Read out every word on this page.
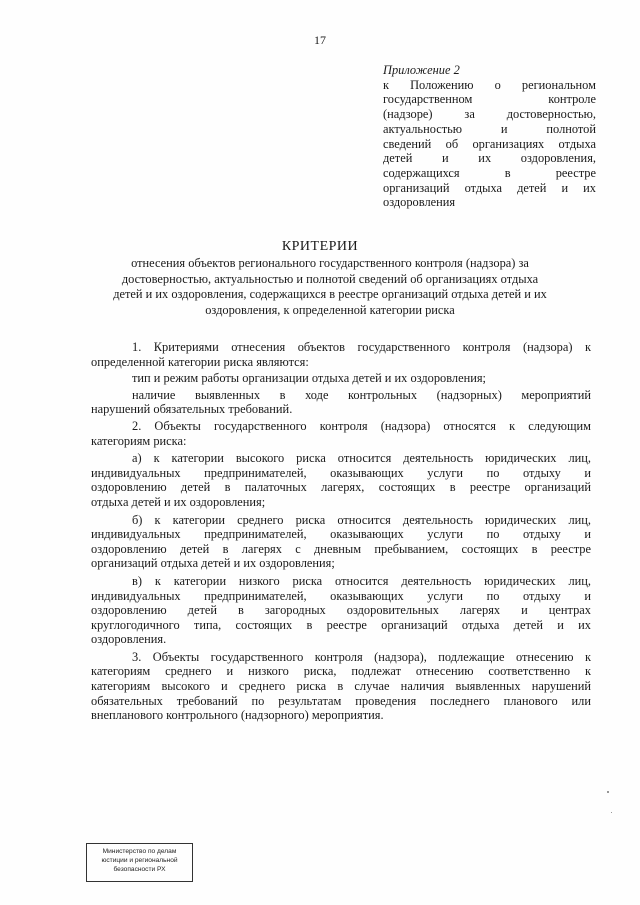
17
Приложение 2
к Положению о региональном
государственном контроле
(надзоре) за достоверностью,
актуальностью и полнотой
сведений об организациях отдыха
детей и их оздоровления,
содержащихся в реестре
организаций отдыха детей и их
оздоровления
КРИТЕРИИ
отнесения объектов регионального государственного контроля (надзора) за
достоверностью, актуальностью и полнотой сведений об организациях отдыха
детей и их оздоровления, содержащихся в реестре организаций отдыха детей и их
оздоровления, к определенной категории риска
1. Критериями отнесения объектов государственного контроля (надзора) к
определенной категории риска являются:
тип и режим работы организации отдыха детей и их оздоровления;
наличие выявленных в ходе контрольных (надзорных) мероприятий
нарушений обязательных требований.
2. Объекты государственного контроля (надзора) относятся к следующим
категориям риска:
а) к категории высокого риска относится деятельность юридических лиц,
индивидуальных предпринимателей, оказывающих услуги по отдыху и
оздоровлению детей в палаточных лагерях, состоящих в реестре организаций
отдыха детей и их оздоровления;
б) к категории среднего риска относится деятельность юридических лиц,
индивидуальных предпринимателей, оказывающих услуги по отдыху и
оздоровлению детей в лагерях с дневным пребыванием, состоящих в реестре
организаций отдыха детей и их оздоровления;
в) к категории низкого риска относится деятельность юридических лиц,
индивидуальных предпринимателей, оказывающих услуги по отдыху и
оздоровлению детей в загородных оздоровительных лагерях и центрах
круглогодичного типа, состоящих в реестре организаций отдыха детей и их
оздоровления.
3. Объекты государственного контроля (надзора), подлежащие отнесению к
категориям среднего и низкого риска, подлежат отнесению соответственно к
категориям высокого и среднего риска в случае наличия выявленных нарушений
обязательных требований по результатам проведения последнего планового или
внепланового контрольного (надзорного) мероприятия.
Министерство по делам
юстиции и региональной
безопасности РХ
